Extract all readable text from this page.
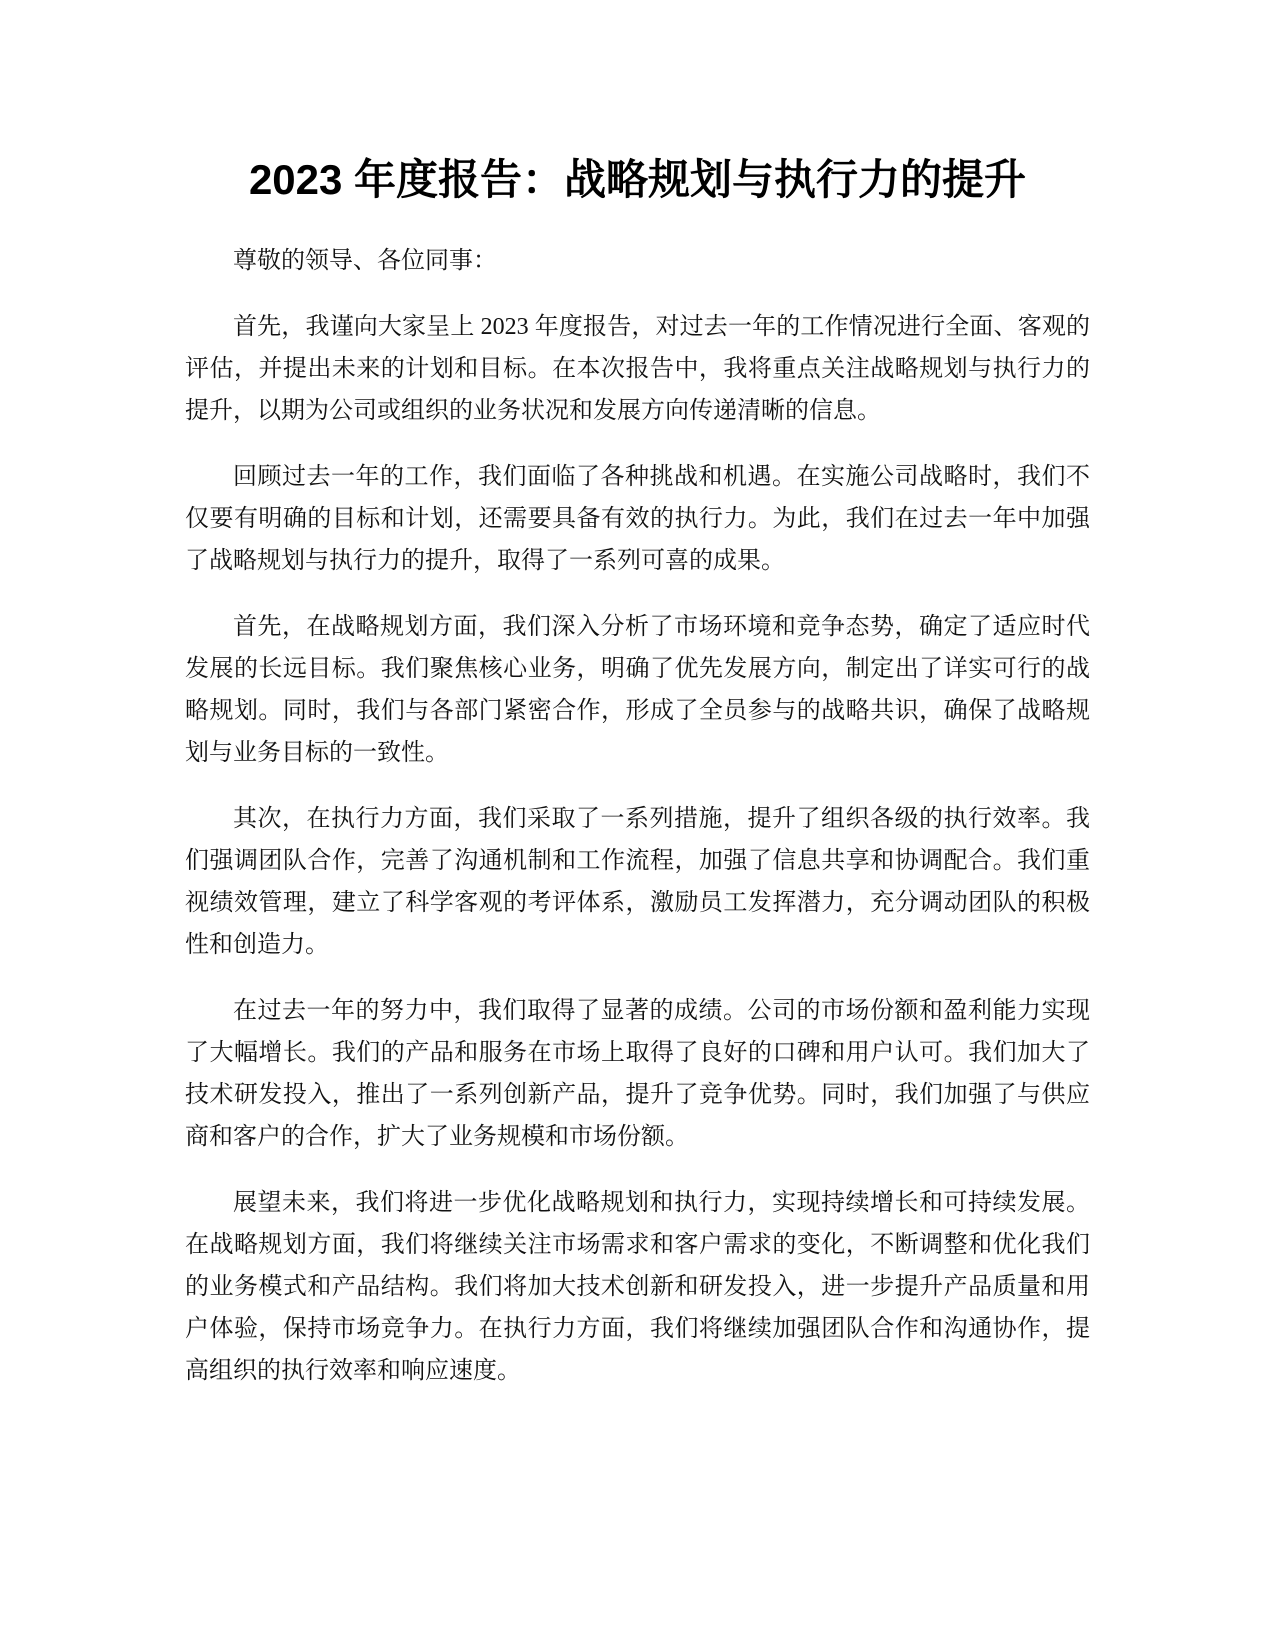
2023 年度报告：战略规划与执行力的提升

尊敬的领导、各位同事：

首先，我谨向大家呈上 2023 年度报告，对过去一年的工作情况进行全面、客观的评估，并提出未来的计划和目标。在本次报告中，我将重点关注战略规划与执行力的提升，以期为公司或组织的业务状况和发展方向传递清晰的信息。

回顾过去一年的工作，我们面临了各种挑战和机遇。在实施公司战略时，我们不仅要有明确的目标和计划，还需要具备有效的执行力。为此，我们在过去一年中加强了战略规划与执行力的提升，取得了一系列可喜的成果。

首先，在战略规划方面，我们深入分析了市场环境和竞争态势，确定了适应时代发展的长远目标。我们聚焦核心业务，明确了优先发展方向，制定出了详实可行的战略规划。同时，我们与各部门紧密合作，形成了全员参与的战略共识，确保了战略规划与业务目标的一致性。

其次，在执行力方面，我们采取了一系列措施，提升了组织各级的执行效率。我们强调团队合作，完善了沟通机制和工作流程，加强了信息共享和协调配合。我们重视绩效管理，建立了科学客观的考评体系，激励员工发挥潜力，充分调动团队的积极性和创造力。

在过去一年的努力中，我们取得了显著的成绩。公司的市场份额和盈利能力实现了大幅增长。我们的产品和服务在市场上取得了良好的口碑和用户认可。我们加大了技术研发投入，推出了一系列创新产品，提升了竞争优势。同时，我们加强了与供应商和客户的合作，扩大了业务规模和市场份额。

展望未来，我们将进一步优化战略规划和执行力，实现持续增长和可持续发展。在战略规划方面，我们将继续关注市场需求和客户需求的变化，不断调整和优化我们的业务模式和产品结构。我们将加大技术创新和研发投入，进一步提升产品质量和用户体验，保持市场竞争力。在执行力方面，我们将继续加强团队合作和沟通协作，提高组织的执行效率和响应速度。
